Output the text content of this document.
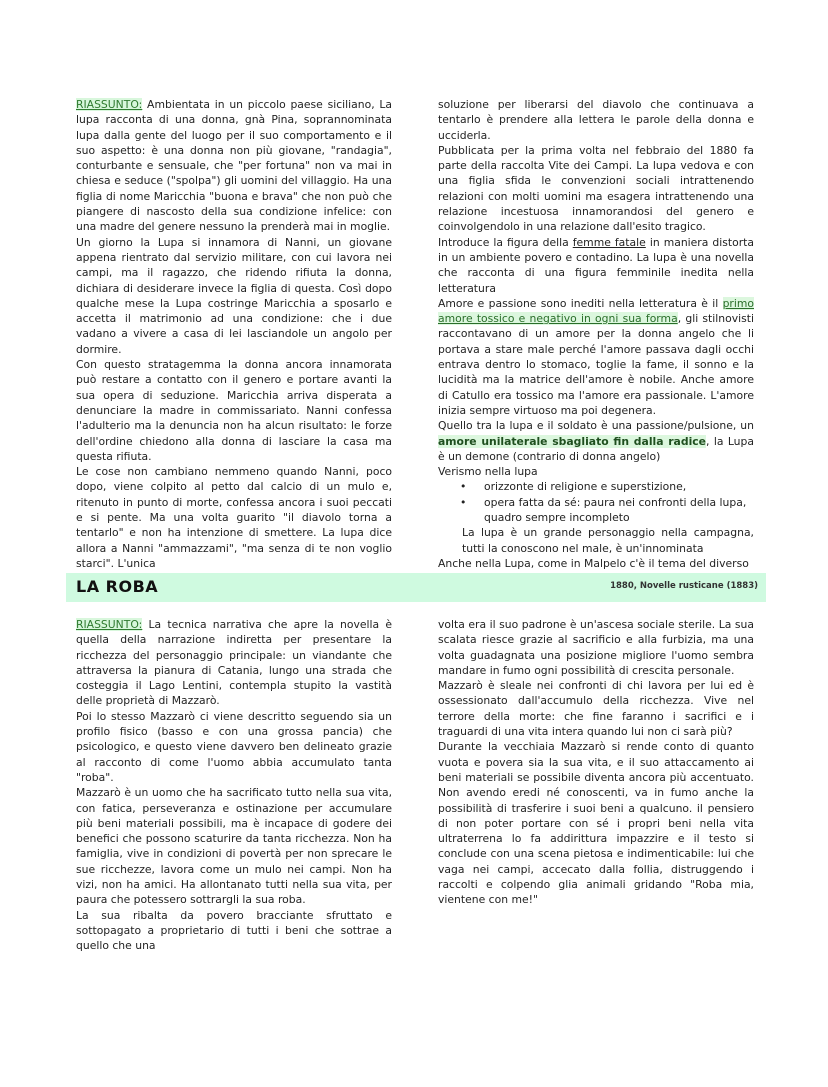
RIASSUNTO: Ambientata in un piccolo paese siciliano, La lupa racconta di una donna, gnà Pina, soprannominata lupa dalla gente del luogo per il suo comportamento e il suo aspetto: è una donna non più giovane, "randagia", conturbante e sensuale, che "per fortuna" non va mai in chiesa e seduce ("spolpa") gli uomini del villaggio. Ha una figlia di nome Maricchia "buona e brava" che non può che piangere di nascosto della sua condizione infelice: con una madre del genere nessuno la prenderà mai in moglie.

Un giorno la Lupa si innamora di Nanni, un giovane appena rientrato dal servizio militare, con cui lavora nei campi, ma il ragazzo, che ridendo rifiuta la donna, dichiara di desiderare invece la figlia di questa. Così dopo qualche mese la Lupa costringe Maricchia a sposarlo e accetta il matrimonio ad una condizione: che i due vadano a vivere a casa di lei lasciandole un angolo per dormire.

Con questo stratagemma la donna ancora innamorata può restare a contatto con il genero e portare avanti la sua opera di seduzione. Maricchia arriva disperata a denunciare la madre in commissariato. Nanni confessa l'adulterio ma la denuncia non ha alcun risultato: le forze dell'ordine chiedono alla donna di lasciare la casa ma questa rifiuta.

Le cose non cambiano nemmeno quando Nanni, poco dopo, viene colpito al petto dal calcio di un mulo e, ritenuto in punto di morte, confessa ancora i suoi peccati e si pente. Ma una volta guarito "il diavolo torna a tentarlo" e non ha intenzione di smettere. La lupa dice allora a Nanni "ammazzami", "ma senza di te non voglio starci". L'unica

soluzione per liberarsi del diavolo che continuava a tentarlo è prendere alla lettera le parole della donna e ucciderla.

Pubblicata per la prima volta nel febbraio del 1880 fa parte della raccolta Vite dei Campi. La lupa vedova e con una figlia sfida le convenzioni sociali intrattenendo relazioni con molti uomini ma esagera intrattenendo una relazione incestuosa innamorandosi del genero e coinvolgendolo in una relazione dall'esito tragico.

Introduce la figura della femme fatale in maniera distorta in un ambiente povero e contadino. La lupa è una novella che racconta di una figura femminile inedita nella letteratura

Amore e passione sono inediti nella letteratura è il primo amore tossico e negativo in ogni sua forma, gli stilnovisti raccontavano di un amore per la donna angelo che li portava a stare male perché l'amore passava dagli occhi entrava dentro lo stomaco, toglie la fame, il sonno e la lucidità ma la matrice dell'amore è nobile. Anche amore di Catullo era tossico ma l'amore era passionale. L'amore inizia sempre virtuoso ma poi degenera.

Quello tra la lupa e il soldato è una passione/pulsione, un amore unilaterale sbagliato fin dalla radice, la Lupa è un demone (contrario di donna angelo)

Verismo nella lupa

• orizzonte di religione e superstizione,
• opera fatta da sé: paura nei confronti della lupa, quadro sempre incompleto

La lupa è un grande personaggio nella campagna, tutti la conoscono nel male, è un'innominata

Anche nella Lupa, come in Malpelo c'è il tema del diverso

LA ROBA	1880, Novelle rusticane (1883)

RIASSUNTO: La tecnica narrativa che apre la novella è quella della narrazione indiretta per presentare la ricchezza del personaggio principale: un viandante che attraversa la pianura di Catania, lungo una strada che costeggia il Lago Lentini, contempla stupito la vastità delle proprietà di Mazzarò.

Poi lo stesso Mazzarò ci viene descritto seguendo sia un profilo fisico (basso e con una grossa pancia) che psicologico, e questo viene davvero ben delineato grazie al racconto di come l'uomo abbia accumulato tanta "roba".

Mazzarò è un uomo che ha sacrificato tutto nella sua vita, con fatica, perseveranza e ostinazione per accumulare più beni materiali possibili, ma è incapace di godere dei benefici che possono scaturire da tanta ricchezza. Non ha famiglia, vive in condizioni di povertà per non sprecare le sue ricchezze, lavora come un mulo nei campi. Non ha vizi, non ha amici. Ha allontanato tutti nella sua vita, per paura che potessero sottrargli la sua roba.

La sua ribalta da povero bracciante sfruttato e sottopagato a proprietario di tutti i beni che sottrae a quello che una

volta era il suo padrone è un'ascesa sociale sterile. La sua scalata riesce grazie al sacrificio e alla furbizia, ma una volta guadagnata una posizione migliore l'uomo sembra mandare in fumo ogni possibilità di crescita personale.

Mazzarò è sleale nei confronti di chi lavora per lui ed è ossessionato dall'accumulo della ricchezza. Vive nel terrore della morte: che fine faranno i sacrifici e i traguardi di una vita intera quando lui non ci sarà più?

Durante la vecchiaia Mazzarò si rende conto di quanto vuota e povera sia la sua vita, e il suo attaccamento ai beni materiali se possibile diventa ancora più accentuato. Non avendo eredi né conoscenti, va in fumo anche la possibilità di trasferire i suoi beni a qualcuno. il pensiero di non poter portare con sé i propri beni nella vita ultraterrena lo fa addirittura impazzire e il testo si conclude con una scena pietosa e indimenticabile: lui che vaga nei campi, accecato dalla follia, distruggendo i raccolti e colpendo glia animali gridando "Roba mia, vientene con me!"
